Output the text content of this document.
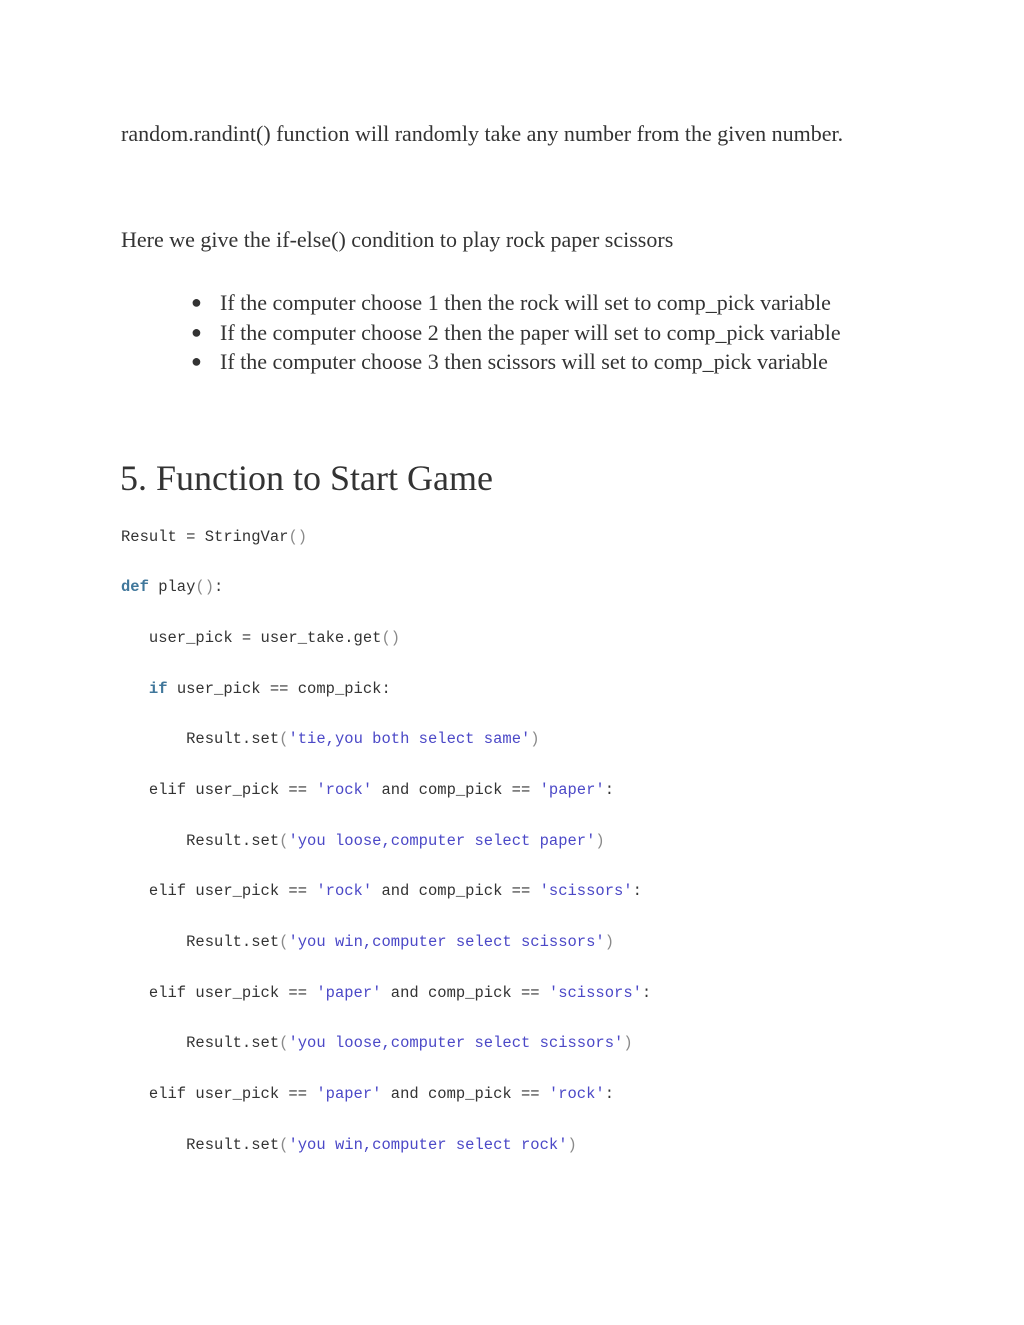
random.randint() function will randomly take any number from the given number.

Here we give the if-else() condition to play rock paper scissors

● If the computer choose 1 then the rock will set to comp_pick variable
● If the computer choose 2 then the paper will set to comp_pick variable
● If the computer choose 3 then scissors will set to comp_pick variable
5. Function to Start Game
Result = StringVar()
def play():
user_pick = user_take.get()
if user_pick == comp_pick:
Result.set('tie,you both select same')
elif user_pick == 'rock' and comp_pick == 'paper':
Result.set('you loose,computer select paper')
elif user_pick == 'rock' and comp_pick == 'scissors':
Result.set('you win,computer select scissors')
elif user_pick == 'paper' and comp_pick == 'scissors':
Result.set('you loose,computer select scissors')
elif user_pick == 'paper' and comp_pick == 'rock':
Result.set('you win,computer select rock')
